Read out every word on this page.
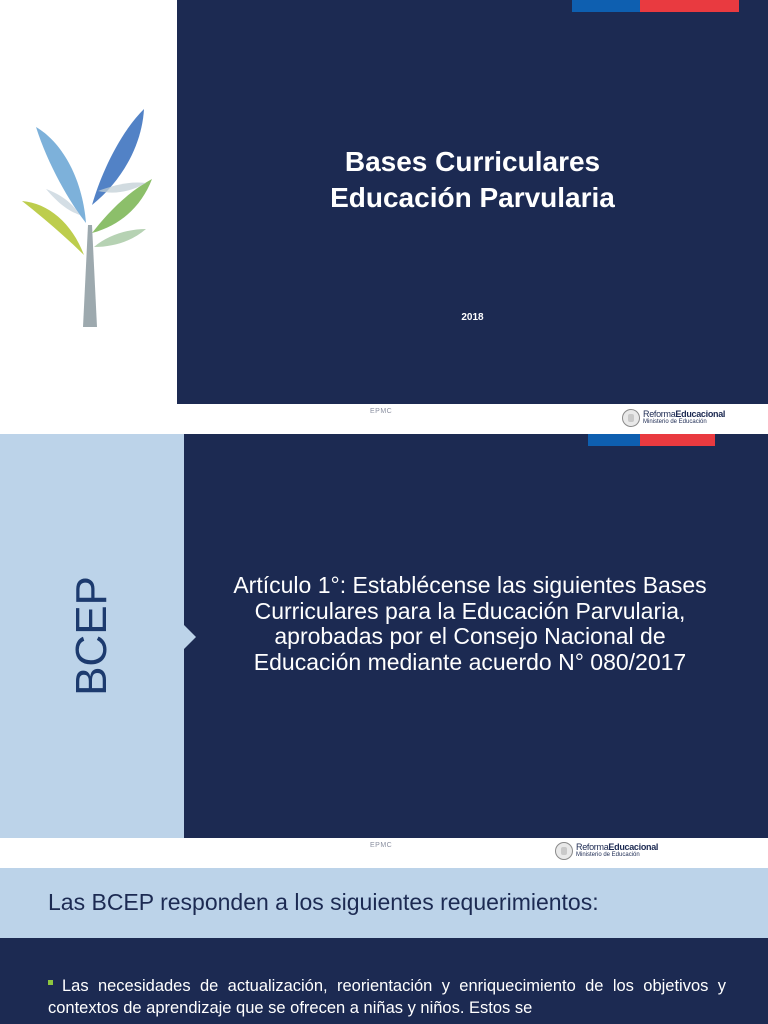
Bases Curriculares
Educación Parvularia
2018
EPMC	ReformaEducacional
Ministerio de Educación
BCEP	Artículo 1°: Establécense las siguientes Bases Curriculares para la Educación Parvularia, aprobadas por el Consejo Nacional de Educación mediante acuerdo N° 080/2017
EPMC	ReformaEducacional
Ministerio de Educación
Las BCEP responden a los siguientes requerimientos:
Las necesidades de actualización, reorientación y enriquecimiento de los objetivos y contextos de aprendizaje que se ofrecen a niñas y niños. Estos se
